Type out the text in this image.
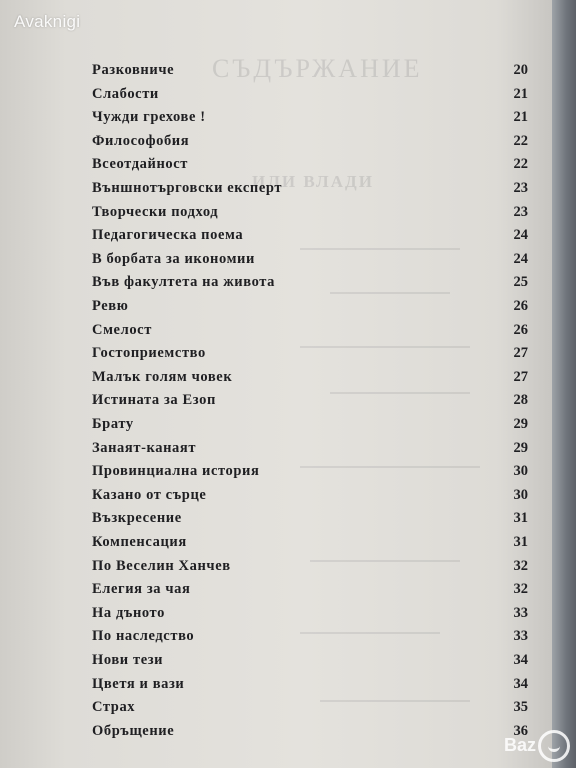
СЪДЪРЖАНИЕ
ИЛИ ВЛАДИ
Avaknigi
Разковниче	20
Слабости	21
Чужди грехове !	21
Философобия	22
Всеотдайност	22
Външнотърговски експерт	23
Творчески подход	23
Педагогическа поема	24
В борбата за икономии	24
Във факултета на живота	25
Ревю	26
Смелост	26
Гостоприемство	27
Малък голям човек	27
Истината за Езоп	28
Брату	29
Занаят-канаят	29
Провинциална история	30
Казано от сърце	30
Възкресение	31
Компенсация	31
По Веселин Ханчев	32
Елегия за чая	32
На дъното	33
По наследство	33
Нови тези	34
Цветя и вази	34
Страх	35
Обръщение	36
Baz
